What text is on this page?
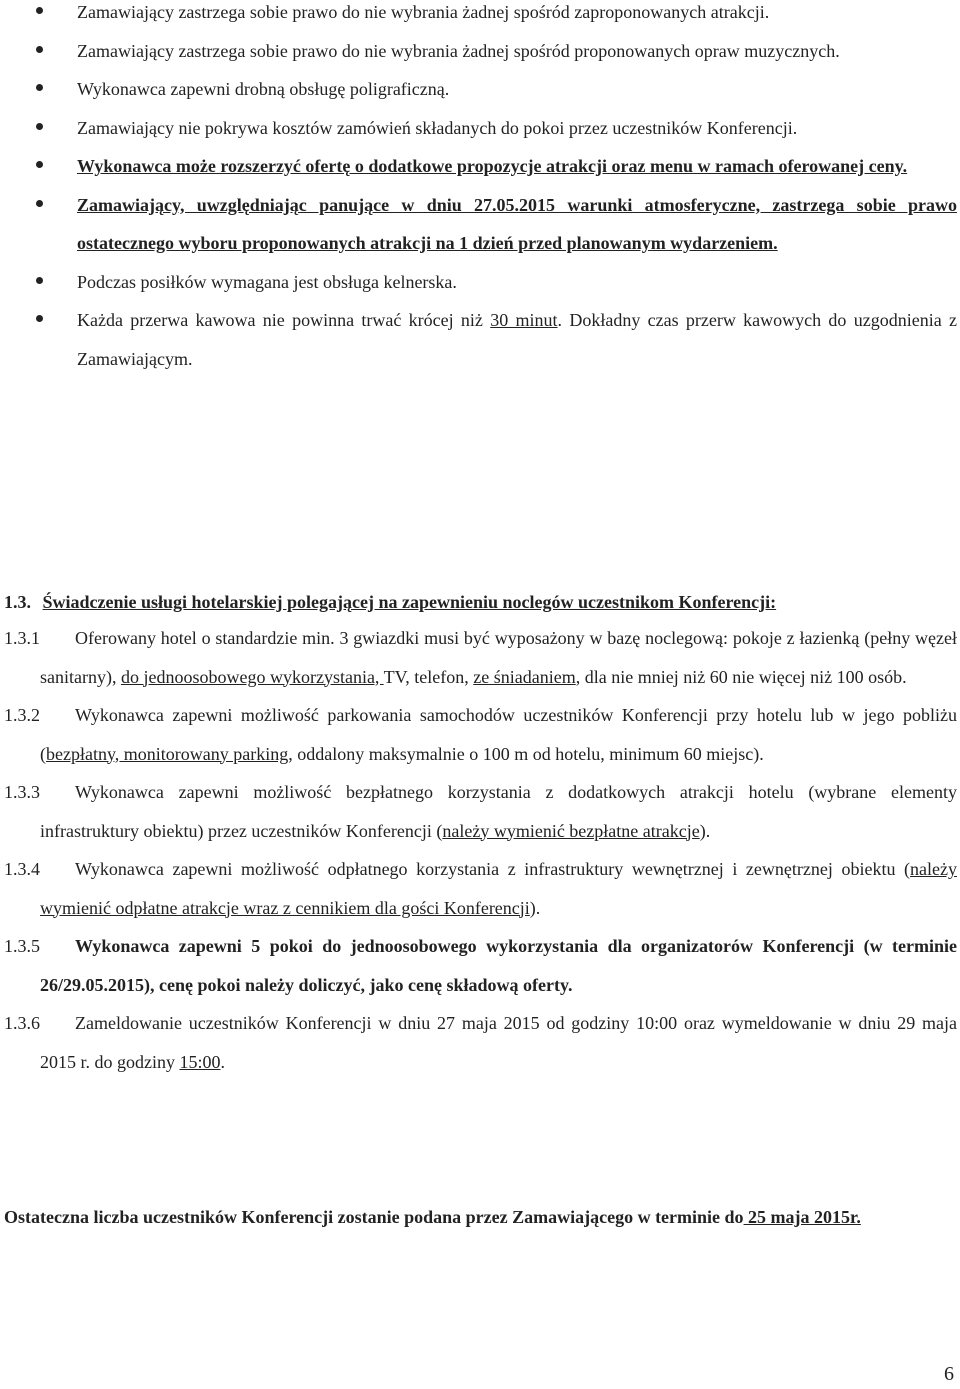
Zamawiający zastrzega sobie prawo do nie wybrania żadnej spośród zaproponowanych atrakcji.
Zamawiający zastrzega sobie prawo do nie wybrania żadnej spośród proponowanych opraw muzycznych.
Wykonawca zapewni drobną obsługę poligraficzną.
Zamawiający nie pokrywa kosztów zamówień składanych do pokoi przez uczestników Konferencji.
Wykonawca może rozszerzyć ofertę o dodatkowe propozycje atrakcji oraz menu w ramach oferowanej ceny.
Zamawiający, uwzględniając panujące w dniu 27.05.2015 warunki atmosferyczne, zastrzega sobie prawo ostatecznego wyboru proponowanych atrakcji na 1 dzień przed planowanym wydarzeniem.
Podczas posiłków wymagana jest obsługa kelnerska.
Każda przerwa kawowa nie powinna trwać krócej niż 30 minut. Dokładny czas przerw kawowych do uzgodnienia z Zamawiającym.
1.3. Świadczenie usługi hotelarskiej polegającej na zapewnieniu noclegów uczestnikom Konferencji:
1.3.1 Oferowany hotel o standardzie min. 3 gwiazdki musi być wyposażony w bazę noclegową: pokoje z łazienką (pełny węzeł sanitarny), do jednoosobowego wykorzystania, TV, telefon, ze śniadaniem, dla nie mniej niż 60 nie więcej niż 100 osób.
1.3.2 Wykonawca zapewni możliwość parkowania samochodów uczestników Konferencji przy hotelu lub w jego pobliżu (bezpłatny, monitorowany parking, oddalony maksymalnie o 100 m od hotelu, minimum 60 miejsc).
1.3.3 Wykonawca zapewni możliwość bezpłatnego korzystania z dodatkowych atrakcji hotelu (wybrane elementy infrastruktury obiektu) przez uczestników Konferencji (należy wymienić bezpłatne atrakcje).
1.3.4 Wykonawca zapewni możliwość odpłatnego korzystania z infrastruktury wewnętrznej i zewnętrznej obiektu (należy wymienić odpłatne atrakcje wraz z cennikiem dla gości Konferencji).
1.3.5 Wykonawca zapewni 5 pokoi do jednoosobowego wykorzystania dla organizatorów Konferencji (w terminie 26/29.05.2015), cenę pokoi należy doliczyć, jako cenę składową oferty.
1.3.6 Zameldowanie uczestników Konferencji w dniu 27 maja 2015 od godziny 10:00 oraz wymeldowanie w dniu 29 maja 2015 r. do godziny 15:00.
Ostateczna liczba uczestników Konferencji zostanie podana przez Zamawiającego w terminie do 25 maja 2015r.
6
